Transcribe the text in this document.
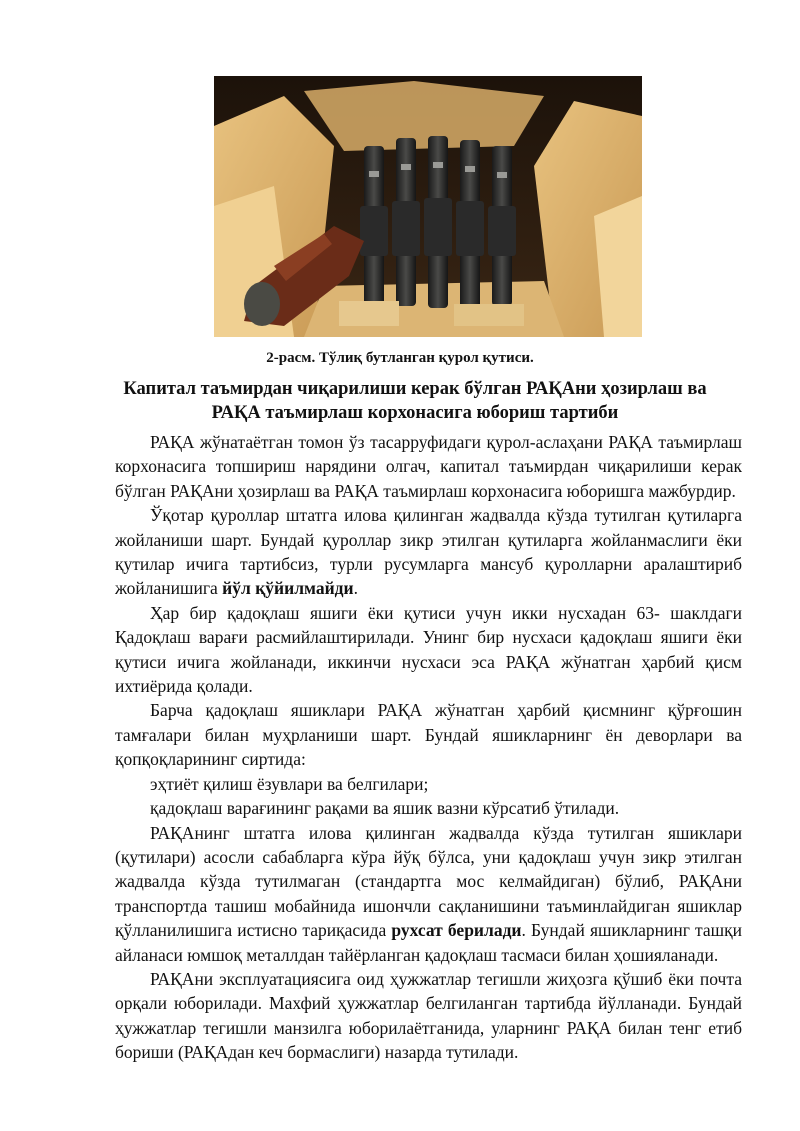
2-расм. Тўлиқ бутланган қурол қутиси.
Капитал таъмирдан чиқарилиши керак бўлган РАҚАни ҳозирлаш ва
РАҚА таъмирлаш корхонасига юбориш тартиби

РАҚА жўнатаётган томон ўз тасарруфидаги қурол-аслаҳани РАҚА таъмирлаш корхонасига топшириш нарядини олгач, капитал таъмирдан чиқарилиши керак бўлган РАҚАни ҳозирлаш ва РАҚА таъмирлаш корхонасига юборишга мажбурдир.

Ўқотар қуроллар штатга илова қилинган жадвалда кўзда тутилган қутиларга жойланиши шарт. Бундай қуроллар зикр этилган қутиларга жойланмаслиги ёки қутилар ичига тартибсиз, турли русумларга мансуб қуролларни аралаштириб жойланишига йўл қўйилмайди.

Ҳар бир қадоқлаш яшиги ёки қутиси учун икки нусхадан 63- шаклдаги Қадоқлаш варағи расмийлаштирилади. Унинг бир нусхаси қадоқлаш яшиги ёки қутиси ичига жойланади, иккинчи нусхаси эса РАҚА жўнатган ҳарбий қисм ихтиёрида қолади.

Барча қадоқлаш яшиклари РАҚА жўнатган ҳарбий қисмнинг қўрғошин тамғалари билан муҳрланиши шарт. Бундай яшикларнинг ён деворлари ва қопқоқларининг сиртида:

эҳтиёт қилиш ёзувлари ва белгилари;

қадоқлаш варағининг рақами ва яшик вазни кўрсатиб ўтилади.

РАҚАнинг штатга илова қилинган жадвалда кўзда тутилган яшиклари (қутилари) асосли сабабларга кўра йўқ бўлса, уни қадоқлаш учун зикр этилган жадвалда кўзда тутилмаган (стандартга мос келмайдиган) бўлиб, РАҚАни транспортда ташиш мобайнида ишончли сақланишини таъминлайдиган яшиклар қўлланилишига истисно тариқасида рухсат берилади. Бундай яшикларнинг ташқи айланаси юмшоқ металлдан тайёрланган қадоқлаш тасмаси билан ҳошияланади.

РАҚАни эксплуатациясига оид ҳужжатлар тегишли жиҳозга қўшиб ёки почта орқали юборилади. Махфий ҳужжатлар белгиланган тартибда йўлланади. Бундай ҳужжатлар тегишли манзилга юборилаётганида, уларнинг РАҚА билан тенг етиб бориши (РАҚАдан кеч бормаслиги) назарда тутилади.
